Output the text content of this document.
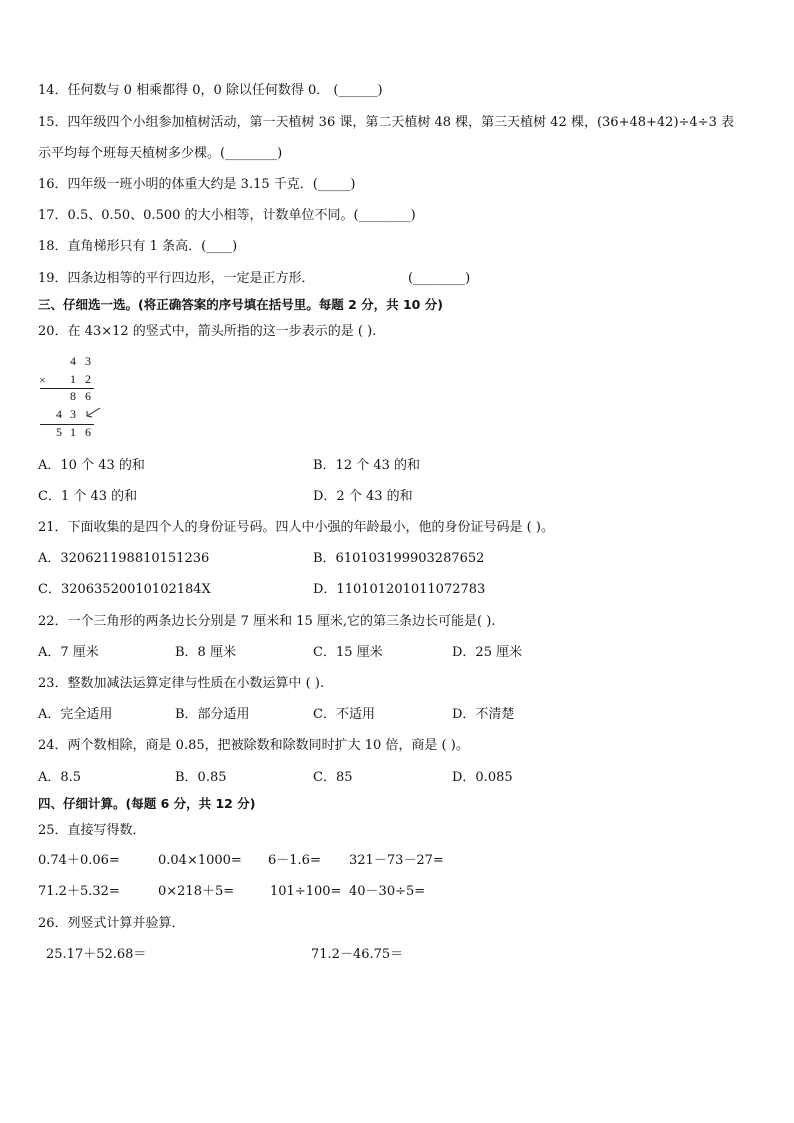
14．任何数与 0 相乘都得 0，0 除以任何数得 0． (______)
15．四年级四个小组参加植树活动，第一天植树 36 课，第二天植树 48 棵，第三天植树 42 棵，(36+48+42)÷4÷3 表
示平均每个班每天植树多少棵。(________)
16．四年级一班小明的体重大约是 3.15 千克．(_____)
17．0.5、0.50、0.500 的大小相等，计数单位不同。(________)
18．直角梯形只有 1 条高．(____)
19．四条边相等的平行四边形，一定是正方形．	(________)
三、仔细选一选。(将正确答案的序号填在括号里。每题 2 分，共 10 分)
20．在 43×12 的竖式中，箭头所指的这一步表示的是 ( ).
4 3
× 1 2
8 6
4 3
5 1 6
A．10 个 43 的和	B．12 个 43 的和
C．1 个 43 的和	D．2 个 43 的和
21．下面收集的是四个人的身份证号码。四人中小强的年龄最小，他的身份证号码是 ( )。
A．320621198810151236	B．610103199903287652
C．32063520010102184X	D．110101201011072783
22．一个三角形的两条边长分别是 7 厘米和 15 厘米,它的第三条边长可能是( ).
A．7 厘米	B．8 厘米	C．15 厘米	D．25 厘米
23．整数加减法运算定律与性质在小数运算中 ( ).
A．完全适用	B．部分适用	C．不适用	D．不清楚
24．两个数相除，商是 0.85，把被除数和除数同时扩大 10 倍，商是 ( )。
A．8.5	B．0.85	C．85	D．0.085
四、仔细计算。(每题 6 分，共 12 分)
25．直接写得数．
0.74＋0.06=	0.04×1000= 6－1.6= 321－73－27=
71.2＋5.32=	0×218＋5=	101÷100= 40－30÷5=
26．列竖式计算并验算．
25.17＋52.68＝	71.2－46.75＝
